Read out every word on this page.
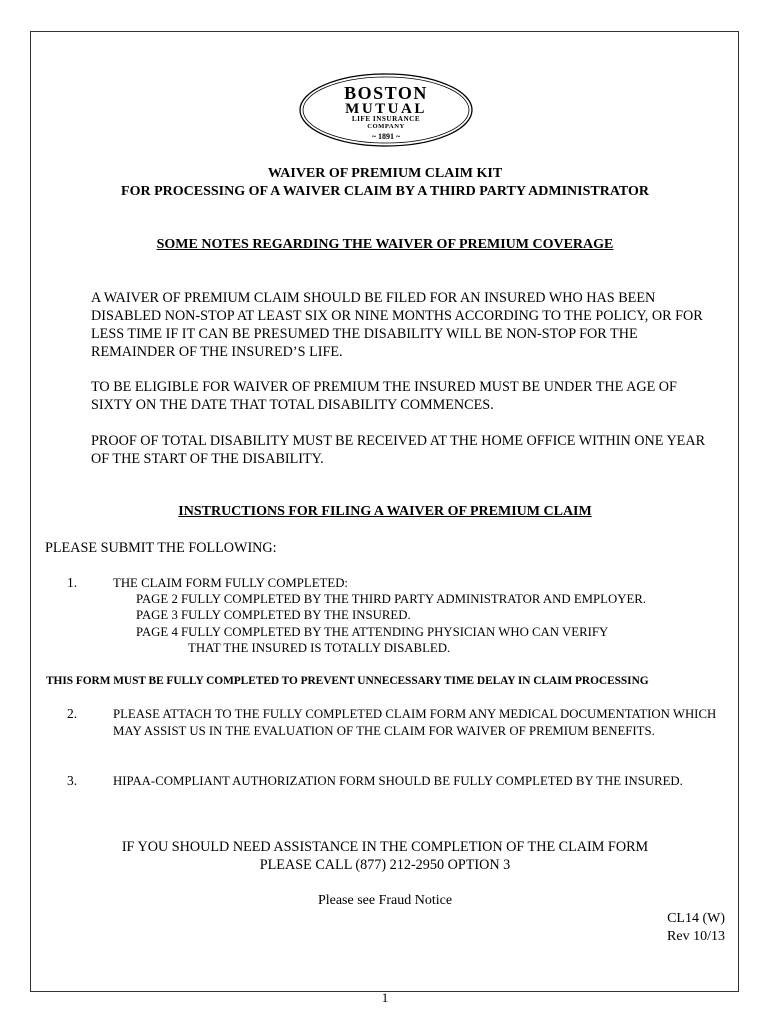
BOSTON
MUTUAL
LIFE INSURANCE
COMPANY
~ 1891 ~
WAIVER OF PREMIUM CLAIM KIT
FOR PROCESSING OF A WAIVER CLAIM BY A THIRD PARTY ADMINISTRATOR
SOME NOTES REGARDING THE WAIVER OF PREMIUM COVERAGE
A WAIVER OF PREMIUM CLAIM SHOULD BE FILED FOR AN INSURED WHO HAS BEEN DISABLED NON-STOP AT LEAST SIX OR NINE MONTHS ACCORDING TO THE POLICY, OR FOR LESS TIME IF IT CAN BE PRESUMED THE DISABILITY WILL BE NON-STOP FOR THE REMAINDER OF THE INSURED’S LIFE.
TO BE ELIGIBLE FOR WAIVER OF PREMIUM THE INSURED MUST BE UNDER THE AGE OF SIXTY ON THE DATE THAT TOTAL DISABILITY COMMENCES.
PROOF OF TOTAL DISABILITY MUST BE RECEIVED AT THE HOME OFFICE WITHIN ONE YEAR OF THE START OF THE DISABILITY.
INSTRUCTIONS FOR FILING A WAIVER OF PREMIUM CLAIM
PLEASE SUBMIT THE FOLLOWING:
1.	THE CLAIM FORM FULLY COMPLETED:
PAGE 2 FULLY COMPLETED BY THE THIRD PARTY ADMINISTRATOR AND EMPLOYER.
PAGE 3 FULLY COMPLETED BY THE INSURED.
PAGE 4 FULLY COMPLETED BY THE ATTENDING PHYSICIAN WHO CAN VERIFY
THAT THE INSURED IS TOTALLY DISABLED.
THIS FORM MUST BE FULLY COMPLETED TO PREVENT UNNECESSARY TIME DELAY IN CLAIM PROCESSING
2.	PLEASE ATTACH TO THE FULLY COMPLETED CLAIM FORM ANY MEDICAL DOCUMENTATION WHICH MAY ASSIST US IN THE EVALUATION OF THE CLAIM FOR WAIVER OF PREMIUM BENEFITS.
3.	HIPAA-COMPLIANT AUTHORIZATION FORM SHOULD BE FULLY COMPLETED BY THE INSURED.
IF YOU SHOULD NEED ASSISTANCE IN THE COMPLETION OF THE CLAIM FORM
PLEASE CALL (877) 212-2950 OPTION 3
Please see Fraud Notice
CL14 (W)
Rev 10/13
1
